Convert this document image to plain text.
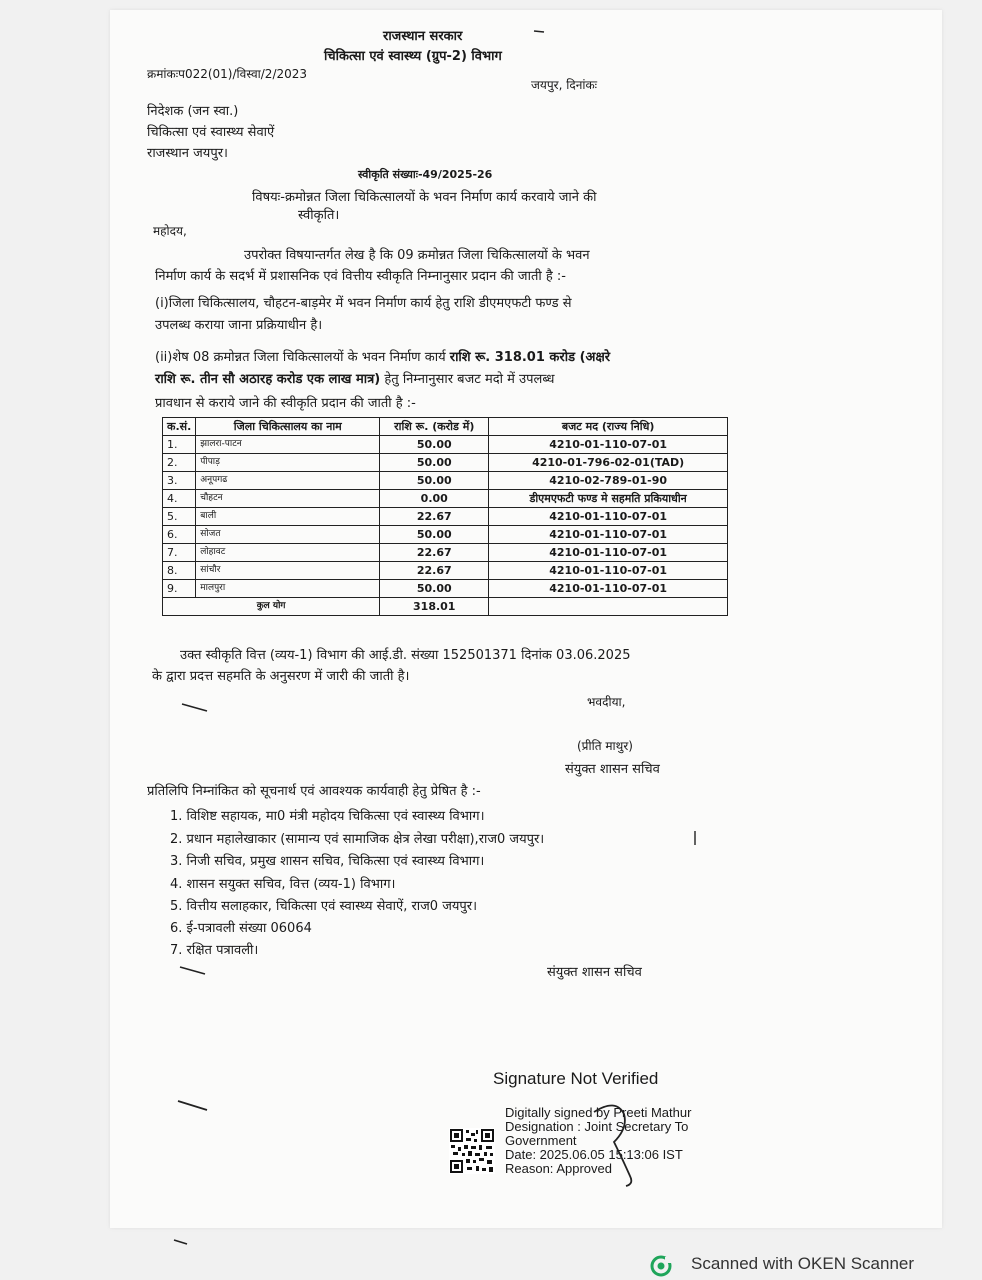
राजस्थान सरकार
चिकित्सा एवं स्वास्थ्य (ग्रुप-2) विभाग
क्रमांकःप022(01)/विस्वा/2/2023
जयपुर, दिनांकः
निदेशक (जन स्वा.)
चिकित्सा एवं स्वास्थ्य सेवाऐं
राजस्थान जयपुर।
स्वीकृति संख्याः-49/2025-26
विषयः-क्रमोन्नत जिला चिकित्सालयों के भवन निर्माण कार्य करवाये जाने की
स्वीकृति।
महोदय,
उपरोक्त विषयान्तर्गत लेख है कि 09 क्रमोन्नत जिला चिकित्सालयों के भवन
निर्माण कार्य के सदर्भ में प्रशासनिक एवं वित्तीय स्वीकृति निम्नानुसार प्रदान की जाती है :-
(i)जिला चिकित्सालय, चौहटन-बाड़मेर में भवन निर्माण कार्य हेतु राशि डीएमएफटी फण्ड से
उपलब्ध कराया जाना प्रक्रियाधीन है।
(ii)शेष 08 क्रमोन्नत जिला चिकित्सालयों के भवन निर्माण कार्य राशि रू. 318.01 करोड (अक्षरे
राशि रू. तीन सौ अठारह करोड एक लाख मात्र) हेतु निम्नानुसार बजट मदो में उपलब्ध
प्रावधान से कराये जाने की स्वीकृति प्रदान की जाती है :-
क.सं.	जिला चिकित्सालय का नाम	राशि रू. (करोड में)	बजट मद (राज्य निधि)
1.	झालरा-पाटन	50.00	4210-01-110-07-01
2.	पीपाड़	50.00	4210-01-796-02-01(TAD)
3.	अनूपगढ	50.00	4210-02-789-01-90
4.	चौहटन	0.00	डीएमएफटी फण्ड मे सहमति प्रकियाधीन
5.	बाली	22.67	4210-01-110-07-01
6.	सोजत	50.00	4210-01-110-07-01
7.	लोहावट	22.67	4210-01-110-07-01
8.	सांचौर	22.67	4210-01-110-07-01
9.	मालपुरा	50.00	4210-01-110-07-01
कुल योग		318.01	
उक्त स्वीकृति वित्त (व्यय-1) विभाग की आई.डी. संख्या 152501371 दिनांक 03.06.2025
के द्वारा प्रदत्त सहमति के अनुसरण में जारी की जाती है।
भवदीया,
(प्रीति माथुर)
संयुक्त शासन सचिव
प्रतिलिपि निम्नांकित को सूचनार्थ एवं आवश्यक कार्यवाही हेतु प्रेषित है :-
1. विशिष्ट सहायक, मा0 मंत्री महोदय चिकित्सा एवं स्वास्थ्य विभाग।
2. प्रधान महालेखाकार (सामान्य एवं सामाजिक क्षेत्र लेखा परीक्षा),राज0 जयपुर।
3. निजी सचिव, प्रमुख शासन सचिव, चिकित्सा एवं स्वास्थ्य विभाग।
4. शासन सयुक्त सचिव, वित्त (व्यय-1) विभाग।
5. वित्तीय सलाहकार, चिकित्सा एवं स्वास्थ्य सेवाऐं, राज0 जयपुर।
6. ई-पत्रावली संख्या 06064
7. रक्षित पत्रावली।
संयुक्त शासन सचिव
Signature Not Verified
Digitally signed by Preeti Mathur
Designation : Joint Secretary To
Government
Date: 2025.06.05 15:13:06 IST
Reason: Approved
Scanned with OKEN Scanner
